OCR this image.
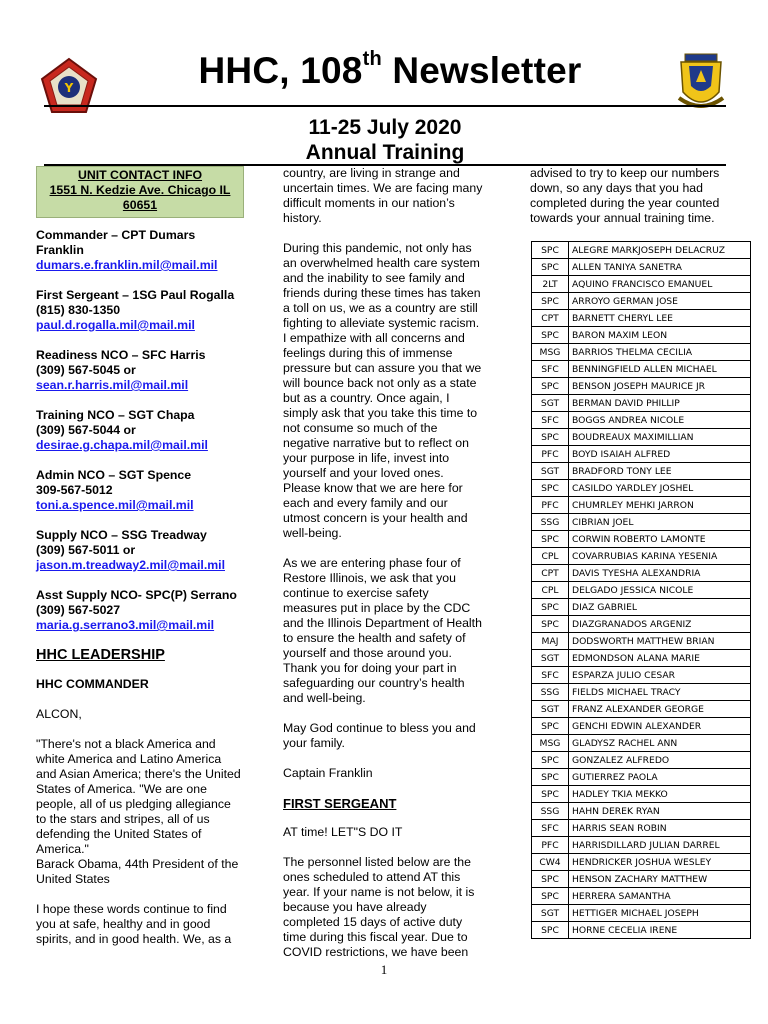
Y	HHC, 108th Newsletter
11-25 July 2020
Annual Training
UNIT CONTACT INFO
1551 N. Kedzie Ave. Chicago IL 60651
Commander – CPT Dumars Franklin
dumars.e.franklin.mil@mail.mil
First Sergeant – 1SG Paul Rogalla (815) 830-1350
paul.d.rogalla.mil@mail.mil
Readiness NCO – SFC Harris
(309) 567-5045 or
sean.r.harris.mil@mail.mil
Training NCO – SGT Chapa
(309) 567-5044 or
desirae.g.chapa.mil@mail.mil
Admin NCO – SGT Spence
309-567-5012
toni.a.spence.mil@mail.mil
Supply NCO – SSG Treadway
(309) 567-5011 or
jason.m.treadway2.mil@mail.mil
Asst Supply NCO- SPC(P) Serrano
(309) 567-5027
maria.g.serrano3.mil@mail.mil
HHC LEADERSHIP
HHC COMMANDER
ALCON,
"There's not a black America and white America and Latino America and Asian America; there's the United States of America. "We are one people, all of us pledging allegiance to the stars and stripes, all of us defending the United States of America."
Barack Obama, 44th President of the United States
I hope these words continue to find you at safe, healthy and in good spirits, and in good health. We, as a
country, are living in strange and uncertain times. We are facing many difficult moments in our nation’s history.
During this pandemic, not only has an overwhelmed health care system and the inability to see family and friends during these times has taken a toll on us, we as a country are still fighting to alleviate systemic racism. I empathize with all concerns and feelings during this of immense pressure but can assure you that we will bounce back not only as a state but as a country. Once again, I simply ask that you take this time to not consume so much of the negative narrative but to reflect on your purpose in life, invest into yourself and your loved ones. Please know that we are here for each and every family and our utmost concern is your health and well-being.
As we are entering phase four of Restore Illinois, we ask that you continue to exercise safety measures put in place by the CDC and the Illinois Department of Health to ensure the health and safety of yourself and those around you. Thank you for doing your part in safeguarding our country’s health and well-being.
May God continue to bless you and your family.
Captain Franklin
FIRST SERGEANT
AT time! LET"S DO IT
The personnel listed below are the ones scheduled to attend AT this year. If your name is not below, it is because you have already completed 15 days of active duty time during this fiscal year. Due to COVID restrictions, we have been
advised to try to keep our numbers down, so any days that you had completed during the year counted towards your annual training time.
SPC	ALEGRE MARKJOSEPH DELACRUZ
SPC	ALLEN TANIYA SANETRA
2LT	AQUINO FRANCISCO EMANUEL
SPC	ARROYO GERMAN JOSE
CPT	BARNETT CHERYL LEE
SPC	BARON MAXIM LEON
MSG	BARRIOS THELMA CECILIA
SFC	BENNINGFIELD ALLEN MICHAEL
SPC	BENSON JOSEPH MAURICE JR
SGT	BERMAN DAVID PHILLIP
SFC	BOGGS ANDREA NICOLE
SPC	BOUDREAUX MAXIMILLIAN
PFC	BOYD ISAIAH ALFRED
SGT	BRADFORD TONY LEE
SPC	CASILDO YARDLEY JOSHEL
PFC	CHUMRLEY MEHKI JARRON
SSG	CIBRIAN JOEL
SPC	CORWIN ROBERTO LAMONTE
CPL	COVARRUBIAS KARINA YESENIA
CPT	DAVIS TYESHA ALEXANDRIA
CPL	DELGADO JESSICA NICOLE
SPC	DIAZ GABRIEL
SPC	DIAZGRANADOS ARGENIZ
MAJ	DODSWORTH MATTHEW BRIAN
SGT	EDMONDSON ALANA MARIE
SFC	ESPARZA JULIO CESAR
SSG	FIELDS MICHAEL TRACY
SGT	FRANZ ALEXANDER GEORGE
SPC	GENCHI EDWIN ALEXANDER
MSG	GLADYSZ RACHEL ANN
SPC	GONZALEZ ALFREDO
SPC	GUTIERREZ PAOLA
SPC	HADLEY TKIA MEKKO
SSG	HAHN DEREK RYAN
SFC	HARRIS SEAN ROBIN
PFC	HARRISDILLARD JULIAN DARREL
CW4	HENDRICKER JOSHUA WESLEY
SPC	HENSON ZACHARY MATTHEW
SPC	HERRERA SAMANTHA
SGT	HETTIGER MICHAEL JOSEPH
SPC	HORNE CECELIA IRENE
1
